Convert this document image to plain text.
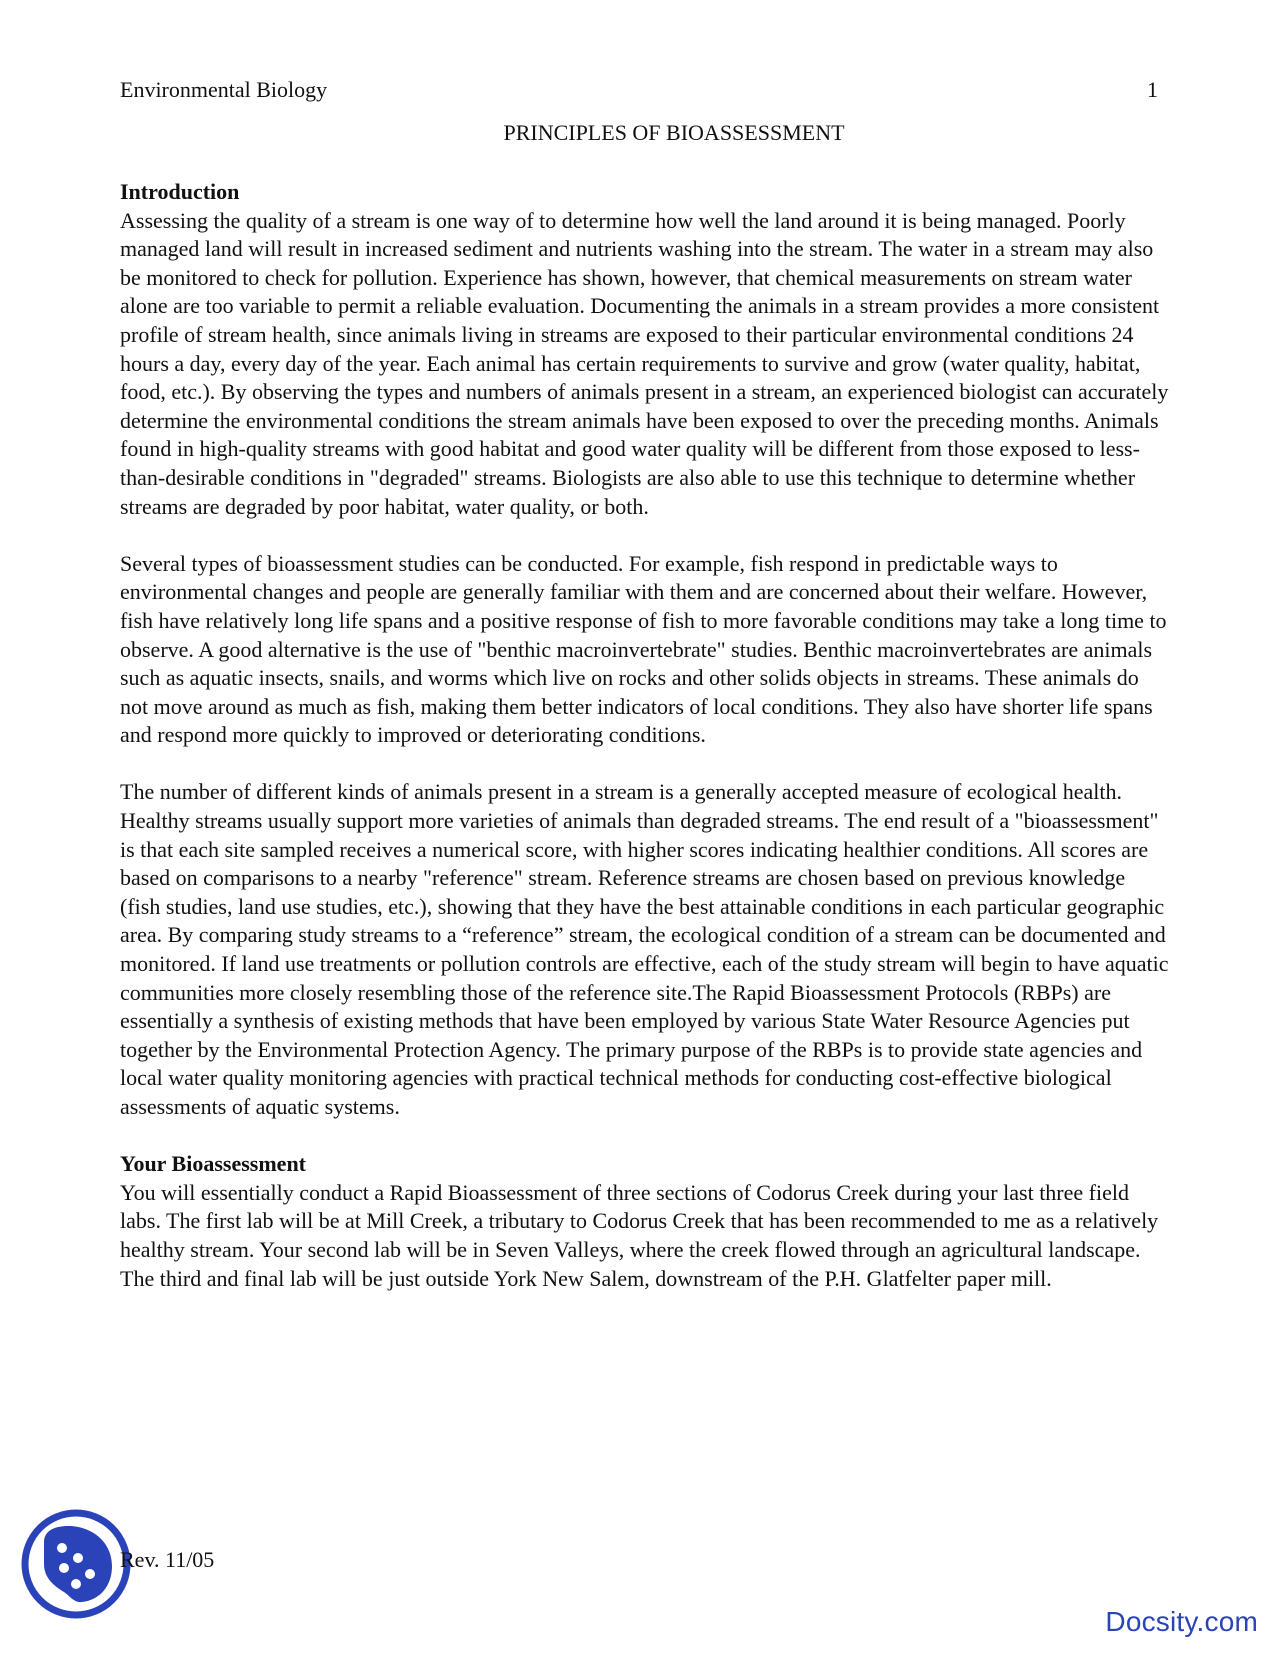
Environmental Biology	1
PRINCIPLES OF BIOASSESSMENT
Introduction

Assessing the quality of a stream is one way of to determine how well the land around it is being managed. Poorly managed land will result in increased sediment and nutrients washing into the stream. The water in a stream may also be monitored to check for pollution. Experience has shown, however, that chemical measurements on stream water alone are too variable to permit a reliable evaluation. Documenting the animals in a stream provides a more consistent profile of stream health, since animals living in streams are exposed to their particular environmental conditions 24 hours a day, every day of the year. Each animal has certain requirements to survive and grow (water quality, habitat, food, etc.). By observing the types and numbers of animals present in a stream, an experienced biologist can accurately determine the environmental conditions the stream animals have been exposed to over the preceding months. Animals found in high-quality streams with good habitat and good water quality will be different from those exposed to less-than-desirable conditions in "degraded" streams. Biologists are also able to use this technique to determine whether streams are degraded by poor habitat, water quality, or both.

Several types of bioassessment studies can be conducted. For example, fish respond in predictable ways to environmental changes and people are generally familiar with them and are concerned about their welfare. However, fish have relatively long life spans and a positive response of fish to more favorable conditions may take a long time to observe. A good alternative is the use of "benthic macroinvertebrate" studies. Benthic macroinvertebrates are animals such as aquatic insects, snails, and worms which live on rocks and other solids objects in streams. These animals do not move around as much as fish, making them better indicators of local conditions. They also have shorter life spans and respond more quickly to improved or deteriorating conditions.

The number of different kinds of animals present in a stream is a generally accepted measure of ecological health. Healthy streams usually support more varieties of animals than degraded streams. The end result of a "bioassessment" is that each site sampled receives a numerical score, with higher scores indicating healthier conditions. All scores are based on comparisons to a nearby "reference" stream. Reference streams are chosen based on previous knowledge (fish studies, land use studies, etc.), showing that they have the best attainable conditions in each particular geographic area. By comparing study streams to a “reference” stream, the ecological condition of a stream can be documented and monitored. If land use treatments or pollution controls are effective, each of the study stream will begin to have aquatic communities more closely resembling those of the reference site.The Rapid Bioassessment Protocols (RBPs) are essentially a synthesis of existing methods that have been employed by various State Water Resource Agencies put together by the Environmental Protection Agency. The primary purpose of the RBPs is to provide state agencies and local water quality monitoring agencies with practical technical methods for conducting cost-effective biological assessments of aquatic systems.

Your Bioassessment

You will essentially conduct a Rapid Bioassessment of three sections of Codorus Creek during your last three field labs. The first lab will be at Mill Creek, a tributary to Codorus Creek that has been recommended to me as a relatively healthy stream. Your second lab will be in Seven Valleys, where the creek flowed through an agricultural landscape. The third and final lab will be just outside York New Salem, downstream of the P.H. Glatfelter paper mill.

Rev. 11/05
Docsity.com
